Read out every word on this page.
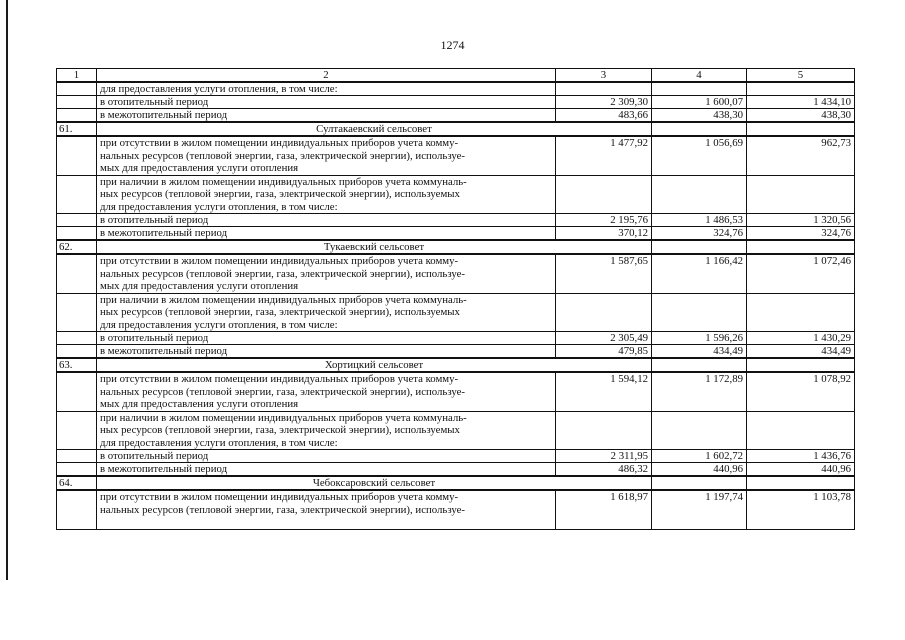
1274
1	2	3	4	5
	для предоставления услуги отопления, в том числе:			
	в отопительный период	2 309,30	1 600,07	1 434,10
	в межотопительный период	483,66	438,30	438,30
61.	Султакаевский сельсовет			
	при отсутствии в жилом помещении индивидуальных приборов учета комму-
нальных ресурсов (тепловой энергии, газа, электрической энергии), используе-
мых для предоставления услуги отопления	1 477,92	1 056,69	962,73
	при наличии в жилом помещении индивидуальных приборов учета коммуналь-
ных ресурсов (тепловой энергии, газа, электрической энергии), используемых
для предоставления услуги отопления, в том числе:			
	в отопительный период	2 195,76	1 486,53	1 320,56
	в межотопительный период	370,12	324,76	324,76
62.	Тукаевский сельсовет			
	при отсутствии в жилом помещении индивидуальных приборов учета комму-
нальных ресурсов (тепловой энергии, газа, электрической энергии), используе-
мых для предоставления услуги отопления	1 587,65	1 166,42	1 072,46
	при наличии в жилом помещении индивидуальных приборов учета коммуналь-
ных ресурсов (тепловой энергии, газа, электрической энергии), используемых
для предоставления услуги отопления, в том числе:			
	в отопительный период	2 305,49	1 596,26	1 430,29
	в межотопительный период	479,85	434,49	434,49
63.	Хортицкий сельсовет			
	при отсутствии в жилом помещении индивидуальных приборов учета комму-
нальных ресурсов (тепловой энергии, газа, электрической энергии), используе-
мых для предоставления услуги отопления	1 594,12	1 172,89	1 078,92
	при наличии в жилом помещении индивидуальных приборов учета коммуналь-
ных ресурсов (тепловой энергии, газа, электрической энергии), используемых
для предоставления услуги отопления, в том числе:			
	в отопительный период	2 311,95	1 602,72	1 436,76
	в межотопительный период	486,32	440,96	440,96
64.	Чебоксаровский сельсовет			
	при отсутствии в жилом помещении индивидуальных приборов учета комму-
нальных ресурсов (тепловой энергии, газа, электрической энергии), используе-	1 618,97	1 197,74	1 103,78
